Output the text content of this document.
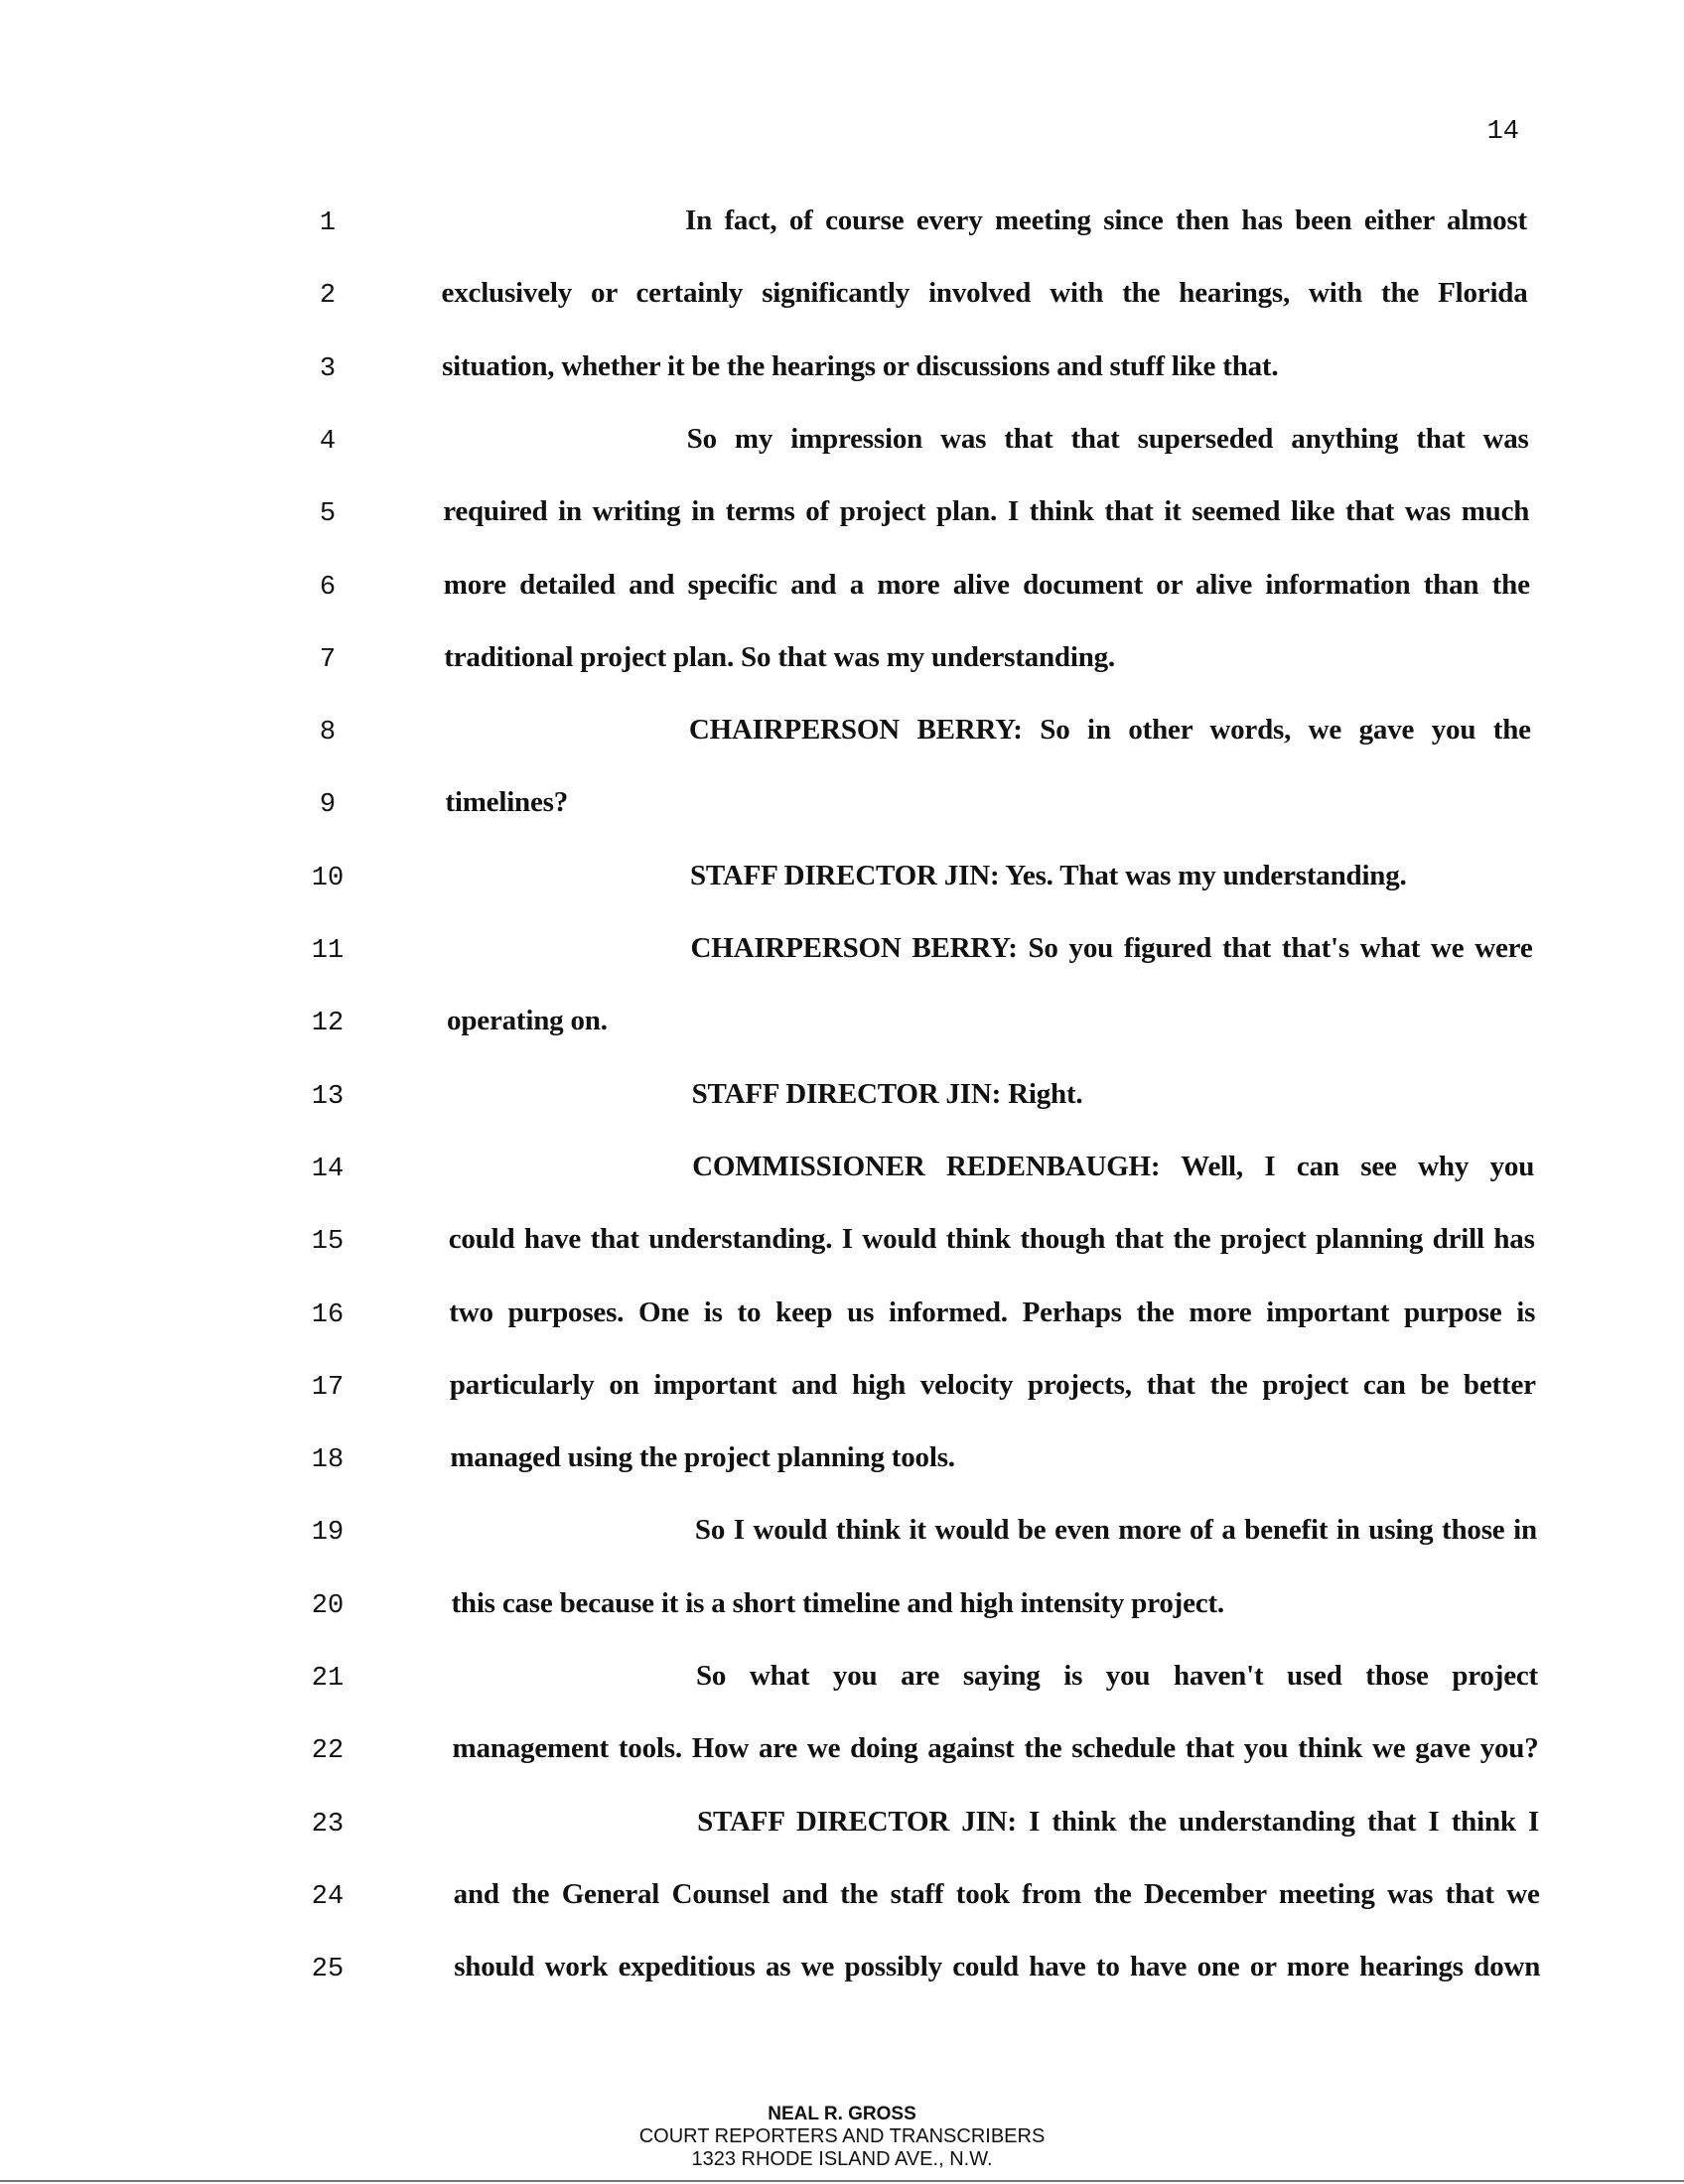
14
1	In fact, of course every meeting since then has been either almost
2	exclusively or certainly significantly involved with the hearings, with the Florida
3	situation, whether it be the hearings or discussions and stuff like that.
4	So my impression was that that superseded anything that was
5	required in writing in terms of project plan. I think that it seemed like that was much
6	more detailed and specific and a more alive document or alive information than the
7	traditional project plan. So that was my understanding.
8	CHAIRPERSON BERRY: So in other words, we gave you the
9	timelines?
10	STAFF DIRECTOR JIN: Yes. That was my understanding.
11	CHAIRPERSON BERRY: So you figured that that's what we were
12	operating on.
13	STAFF DIRECTOR JIN: Right.
14	COMMISSIONER REDENBAUGH: Well, I can see why you
15	could have that understanding. I would think though that the project planning drill has
16	two purposes. One is to keep us informed. Perhaps the more important purpose is
17	particularly on important and high velocity projects, that the project can be better
18	managed using the project planning tools.
19	So I would think it would be even more of a benefit in using those in
20	this case because it is a short timeline and high intensity project.
21	So what you are saying is you haven't used those project
22	management tools. How are we doing against the schedule that you think we gave you?
23	STAFF DIRECTOR JIN: I think the understanding that I think I
24	and the General Counsel and the staff took from the December meeting was that we
25	should work expeditious as we possibly could have to have one or more hearings down
NEAL R. GROSS
COURT REPORTERS AND TRANSCRIBERS
1323 RHODE ISLAND AVE., N.W.
